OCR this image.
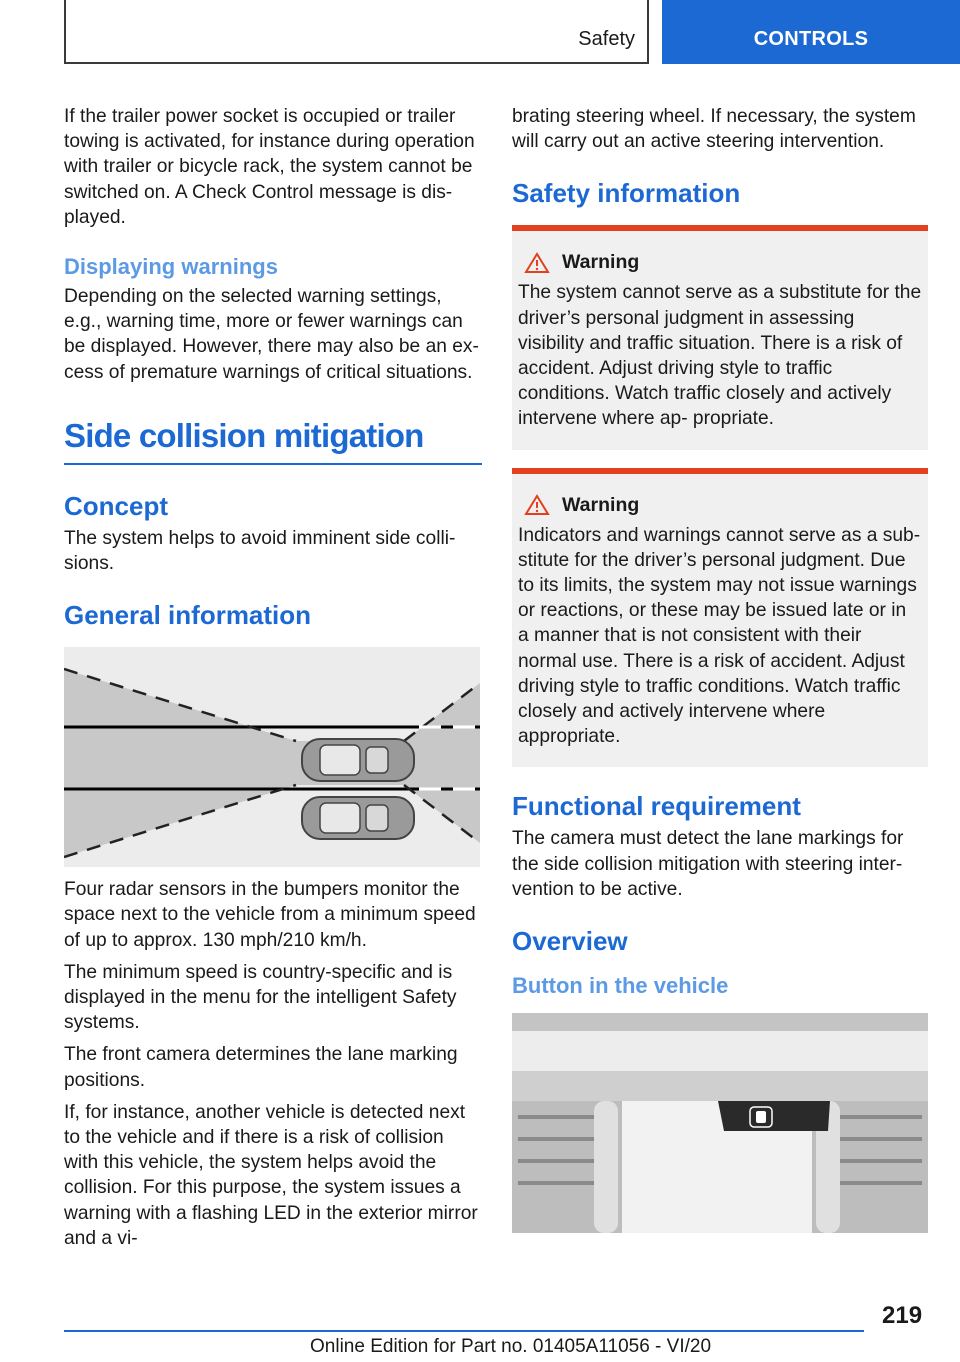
Safety	CONTROLS

If the trailer power socket is occupied or trailer towing is activated, for instance during operation with trailer or bicycle rack, the system cannot be switched on. A Check Control message is dis- played.

Displaying warnings

Depending on the selected warning settings, e.g., warning time, more or fewer warnings can be displayed. However, there may also be an ex- cess of premature warnings of critical situations.

Side collision mitigation
Concept

The system helps to avoid imminent side colli- sions.

General information

Four radar sensors in the bumpers monitor the space next to the vehicle from a minimum speed of up to approx. 130 mph/210 km/h.

The minimum speed is country-specific and is displayed in the menu for the intelligent Safety systems.

The front camera determines the lane marking positions.

If, for instance, another vehicle is detected next to the vehicle and if there is a risk of collision with this vehicle, the system helps avoid the collision. For this purpose, the system issues a warning with a flashing LED in the exterior mirror and a vi-

brating steering wheel. If necessary, the system will carry out an active steering intervention.

Safety information
Warning

The system cannot serve as a substitute for the driver’s personal judgment in assessing visibility and traffic situation. There is a risk of accident. Adjust driving style to traffic conditions. Watch traffic closely and actively intervene where ap- propriate.

Warning

Indicators and warnings cannot serve as a sub- stitute for the driver’s personal judgment. Due to its limits, the system may not issue warnings or reactions, or these may be issued late or in a manner that is not consistent with their normal use. There is a risk of accident. Adjust driving style to traffic conditions. Watch traffic closely and actively intervene where appropriate.

Functional requirement

The camera must detect the lane markings for the side collision mitigation with steering inter- vention to be active.

Overview
Button in the vehicle
219
Online Edition for Part no. 01405A11056 - VI/20
